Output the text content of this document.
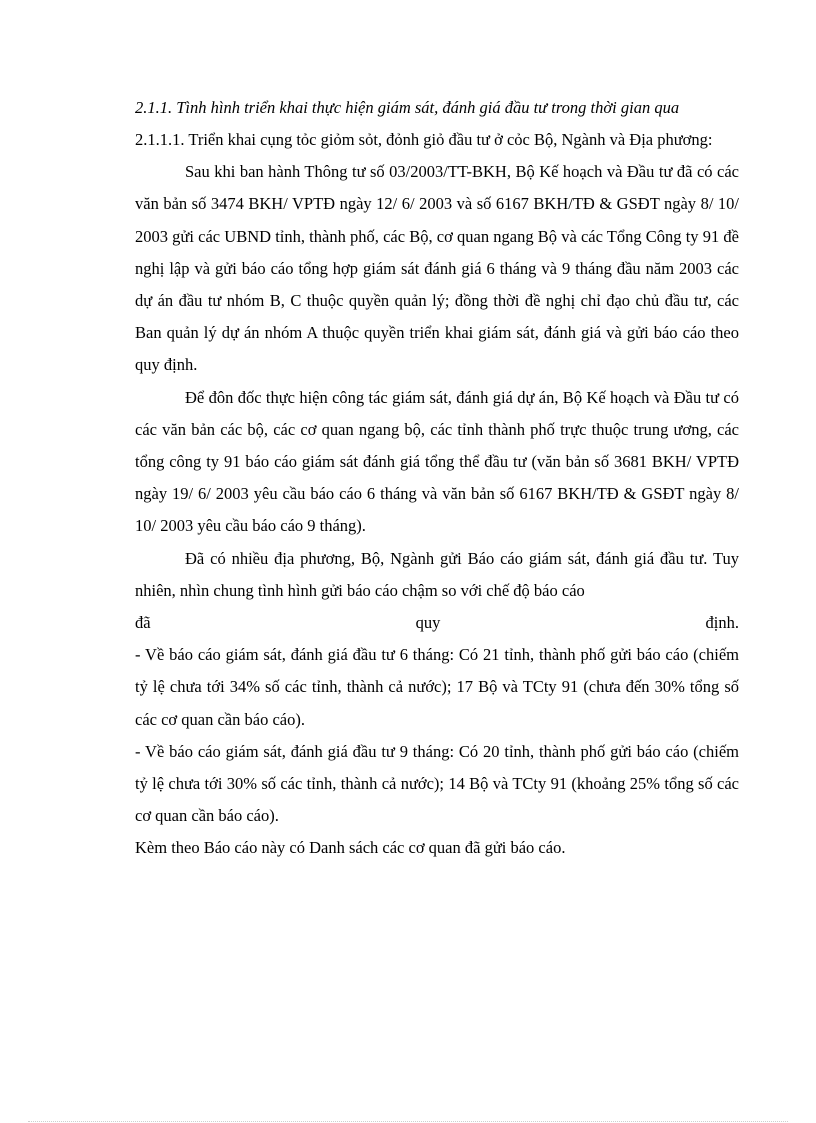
2.1.1. Tình hình triển khai thực hiện giám sát, đánh giá đầu tư trong thời gian qua

2.1.1.1. Triển khai cụng tỏc giỏm sỏt, đỏnh giỏ đầu tư ở cỏc Bộ, Ngành và Địa phương:

Sau khi ban hành Thông tư số 03/2003/TT-BKH, Bộ Kế hoạch và Đầu tư đã có các văn bản số 3474 BKH/ VPTĐ ngày 12/ 6/ 2003 và số 6167 BKH/TĐ & GSĐT ngày 8/ 10/ 2003 gửi các UBND tỉnh, thành phố, các Bộ, cơ quan ngang Bộ và các Tổng Công ty 91 đề nghị lập và gửi báo cáo tổng hợp giám sát đánh giá 6 tháng và 9 tháng đầu năm 2003 các dự án đầu tư nhóm B, C thuộc quyền quản lý; đồng thời đề nghị chỉ đạo chủ đầu tư, các Ban quản lý dự án nhóm A thuộc quyền triển khai giám sát, đánh giá và gửi báo cáo theo quy định.

Để đôn đốc thực hiện công tác giám sát, đánh giá dự án, Bộ Kế hoạch và Đầu tư có các văn bản các bộ, các cơ quan ngang bộ, các tỉnh thành phố trực thuộc trung ương, các tổng công ty 91 báo cáo giám sát đánh giá tổng thể đầu tư (văn bản số 3681 BKH/ VPTĐ ngày 19/ 6/ 2003 yêu cầu báo cáo 6 tháng và văn bản số 6167 BKH/TĐ & GSĐT ngày 8/ 10/ 2003 yêu cầu báo cáo 9 tháng).

Đã có nhiều địa phương, Bộ, Ngành gửi Báo cáo giám sát, đánh giá đầu tư. Tuy nhiên, nhìn chung tình hình gửi báo cáo chậm so với chế độ báo cáo

đã quy định.

- Về báo cáo giám sát, đánh giá đầu tư 6 tháng: Có 21 tỉnh, thành phố gửi báo cáo (chiếm tỷ lệ chưa tới 34% số các tỉnh, thành cả nước); 17 Bộ và TCty 91 (chưa đến 30% tổng số các cơ quan cần báo cáo).

- Về báo cáo giám sát, đánh giá đầu tư 9 tháng: Có 20 tỉnh, thành phố gửi báo cáo (chiếm tỷ lệ chưa tới 30% số các tỉnh, thành cả nước); 14 Bộ và TCty 91 (khoảng 25% tổng số các cơ quan cần báo cáo).

Kèm theo Báo cáo này có Danh sách các cơ quan đã gửi báo cáo.
